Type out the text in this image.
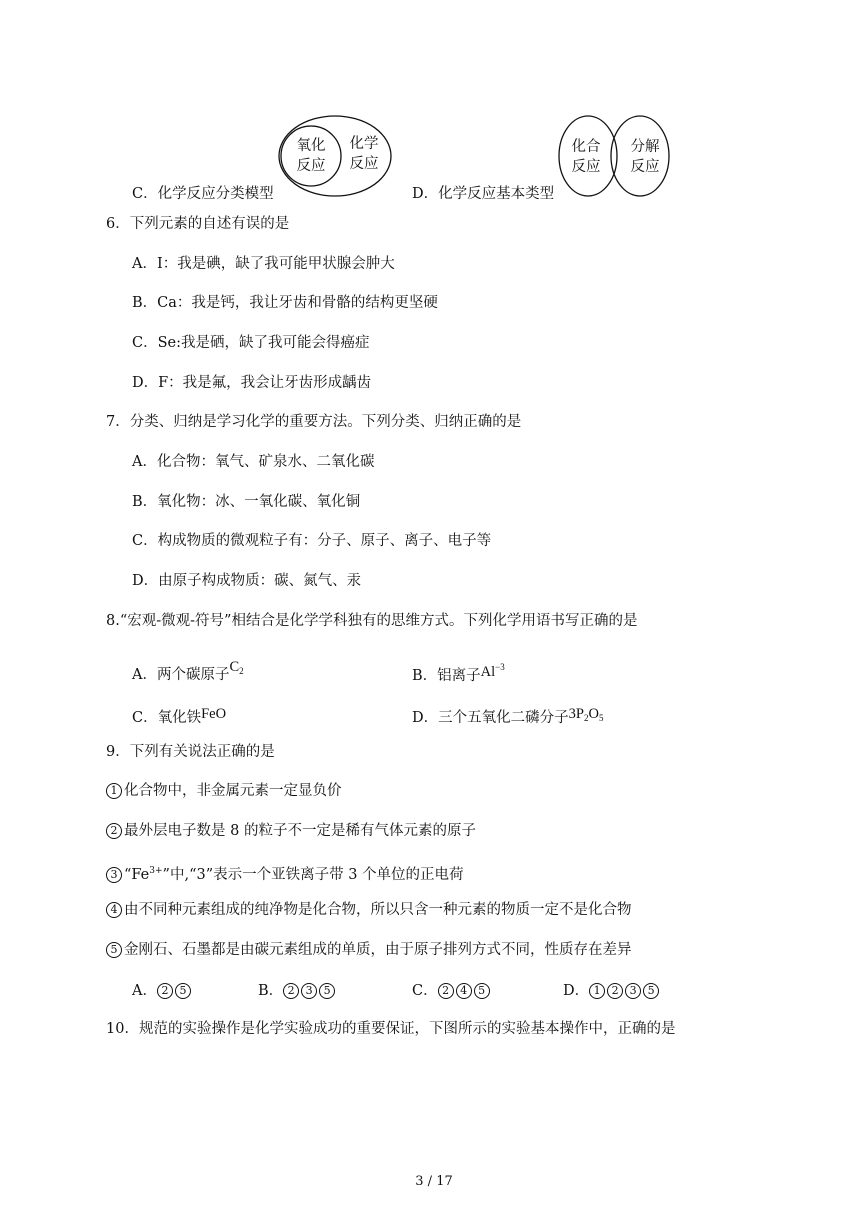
氧化
反应
化学
反应
化合
反应
分解
反应
C．化学反应分类模型	D．化学反应基本类型
6．下列元素的自述有误的是
A．I：我是碘，缺了我可能甲状腺会肿大
B．Ca：我是钙，我让牙齿和骨骼的结构更坚硬
C．Se:我是硒，缺了我可能会得癌症
D．F：我是氟，我会让牙齿形成龋齿
7．分类、归纳是学习化学的重要方法。下列分类、归纳正确的是
A．化合物：氧气、矿泉水、二氧化碳
B．氧化物：冰、一氧化碳、氧化铜
C．构成物质的微观粒子有：分子、原子、离子、电子等
D．由原子构成物质：碳、氮气、汞
8.“宏观-微观-符号”相结合是化学学科独有的思维方式。下列化学用语书写正确的是
A．两个碳原子$C_2$	B．铝离子$Al^{-3}$
C．氧化铁FeO	D．三个五氧化二磷分子$3P_2O_5$
9．下列有关说法正确的是
1 化合物中，非金属元素一定显负价
2 最外层电子数是 8 的粒子不一定是稀有气体元素的原子
3 “$Fe^{3+}$”中,“3”表示一个亚铁离子带 3 个单位的正电荷
4 由不同种元素组成的纯净物是化合物，所以只含一种元素的物质一定不是化合物
5 金刚石、石墨都是由碳元素组成的单质，由于原子排列方式不同，性质存在差异
A． 2 5	B． 2 3 5	C． 2 4 5	D． 1 2 3 5
10．规范的实验操作是化学实验成功的重要保证，下图所示的实验基本操作中，正确的是
3 / 17
